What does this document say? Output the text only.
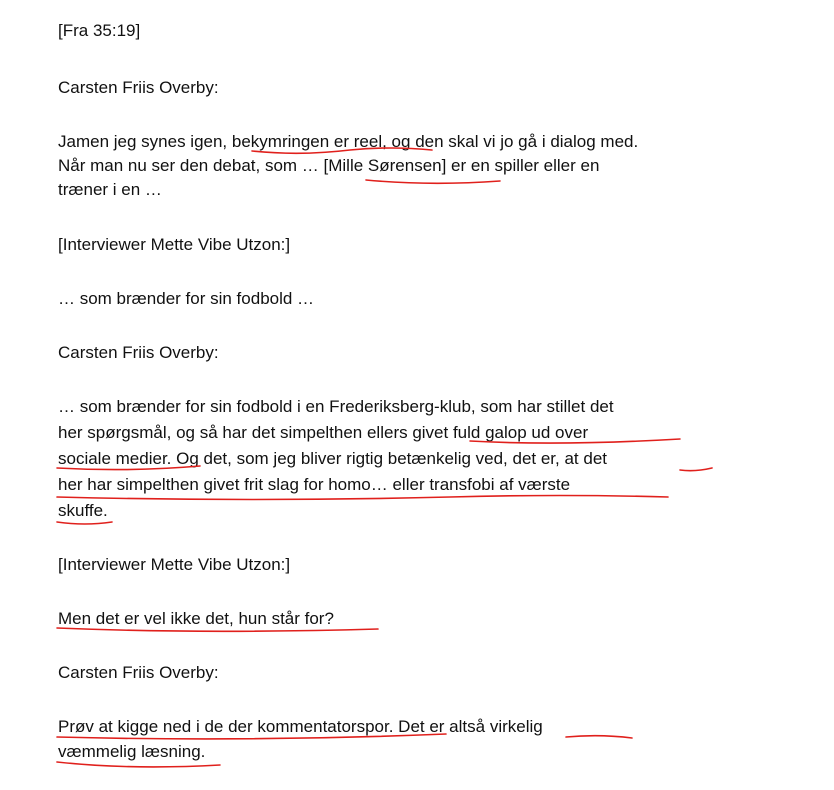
[Fra 35:19]

Carsten Friis Overby:

Jamen jeg synes igen, bekymringen er reel, og den skal vi jo gå i dialog med.

Når man nu ser den debat, som … [Mille Sørensen] er en spiller eller en

træner i en …

[Interviewer Mette Vibe Utzon:]

… som brænder for sin fodbold …

Carsten Friis Overby:

… som brænder for sin fodbold i en Frederiksberg-klub, som har stillet det

her spørgsmål, og så har det simpelthen ellers givet fuld galop ud over

sociale medier. Og det, som jeg bliver rigtig betænkelig ved, det er, at det

her har simpelthen givet frit slag for homo… eller transfobi af værste

skuffe.

[Interviewer Mette Vibe Utzon:]

Men det er vel ikke det, hun står for?

Carsten Friis Overby:

Prøv at kigge ned i de der kommentatorspor. Det er altså virkelig

væmmelig læsning.
